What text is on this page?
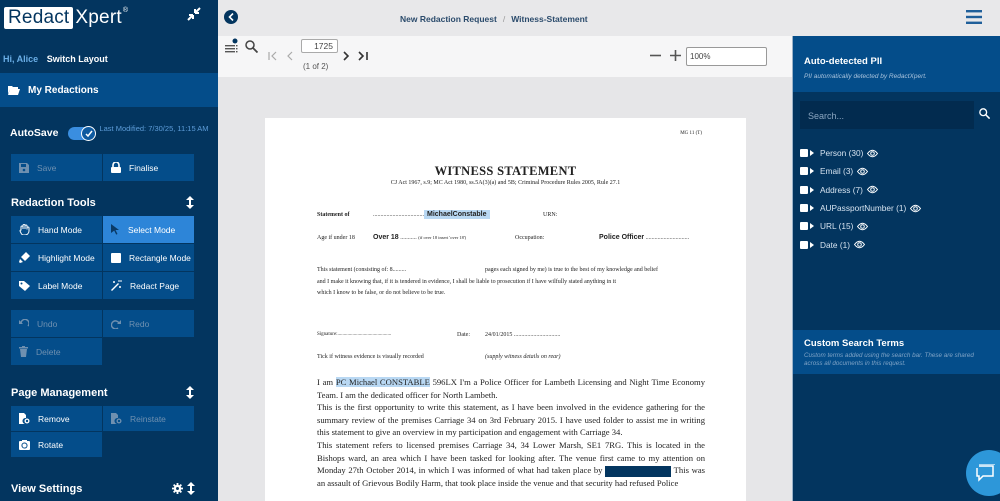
Redact Xpert®
Hi, Alice Switch Layout
My Redactions
AutoSave	Last Modified: 7/30/25, 11:15 AM
Save	Finalise
Redaction Tools
Hand Mode	Select Mode
Highlight Mode	Rectangle Mode
Label Mode	Redact Page
Undo	Redo
Delete
Page Management
Remove	Reinstate
Rotate
View Settings
New Redaction Request / Witness-Statement
1725
(1 of 2)
100%
MG 11 (T)
WITNESS STATEMENT
CJ Act 1967, s.9; MC Act 1980, ss.5A(3)(a) and 5B; Criminal Procedure Rules 2005, Rule 27.1
Statement of	.................................. MichaelConstable	URN:
Age if under 18	Over 18 ........... (if over 18 insert 'over 18')	Occupation:	Police Officer .............................
This statement (consisting of: 8.........	pages each signed by me) is true to the best of my knowledge and belief
and I make it knowing that, if it is tendered in evidence, I shall be liable to prosecution if I have wilfully stated anything in it
which I know to be false, or do not believe to be true.
Signature:...........................................	Date:	24/01/2015 ...............................
Tick if witness evidence is visually recorded	(supply witness details on rear)

I am PC Michael CONSTABLE 596LX I'm a Police Officer for Lambeth Licensing and Night Time Economy Team. I am the dedicated officer for North Lambeth.

This is the first opportunity to write this statement, as I have been involved in the evidence gathering for the summary review of the premises Carriage 34 on 3rd February 2015. I have used folder to assist me in writing this statement to give an overview in my participation and engagement with Carriage 34.

This statement refers to licensed premises Carriage 34, 34 Lower Marsh, SE1 7RG. This is located in the Bishops ward, an area which I have been tasked for looking after. The venue first came to my attention on Monday 27th October 2014, in which I was informed of what had taken place by	This was an assault of Grievous Bodily Harm, that took place inside the venue and that security had refused Police

Auto-detected PII
PII automatically detected by RedactXpert.
Search...
Person (30)
Email (3)
Address (7)
AUPassportNumber (1)
URL (15)
Date (1)
Custom Search Terms
Custom terms added using the search bar. These are shared across all documents in this request.
